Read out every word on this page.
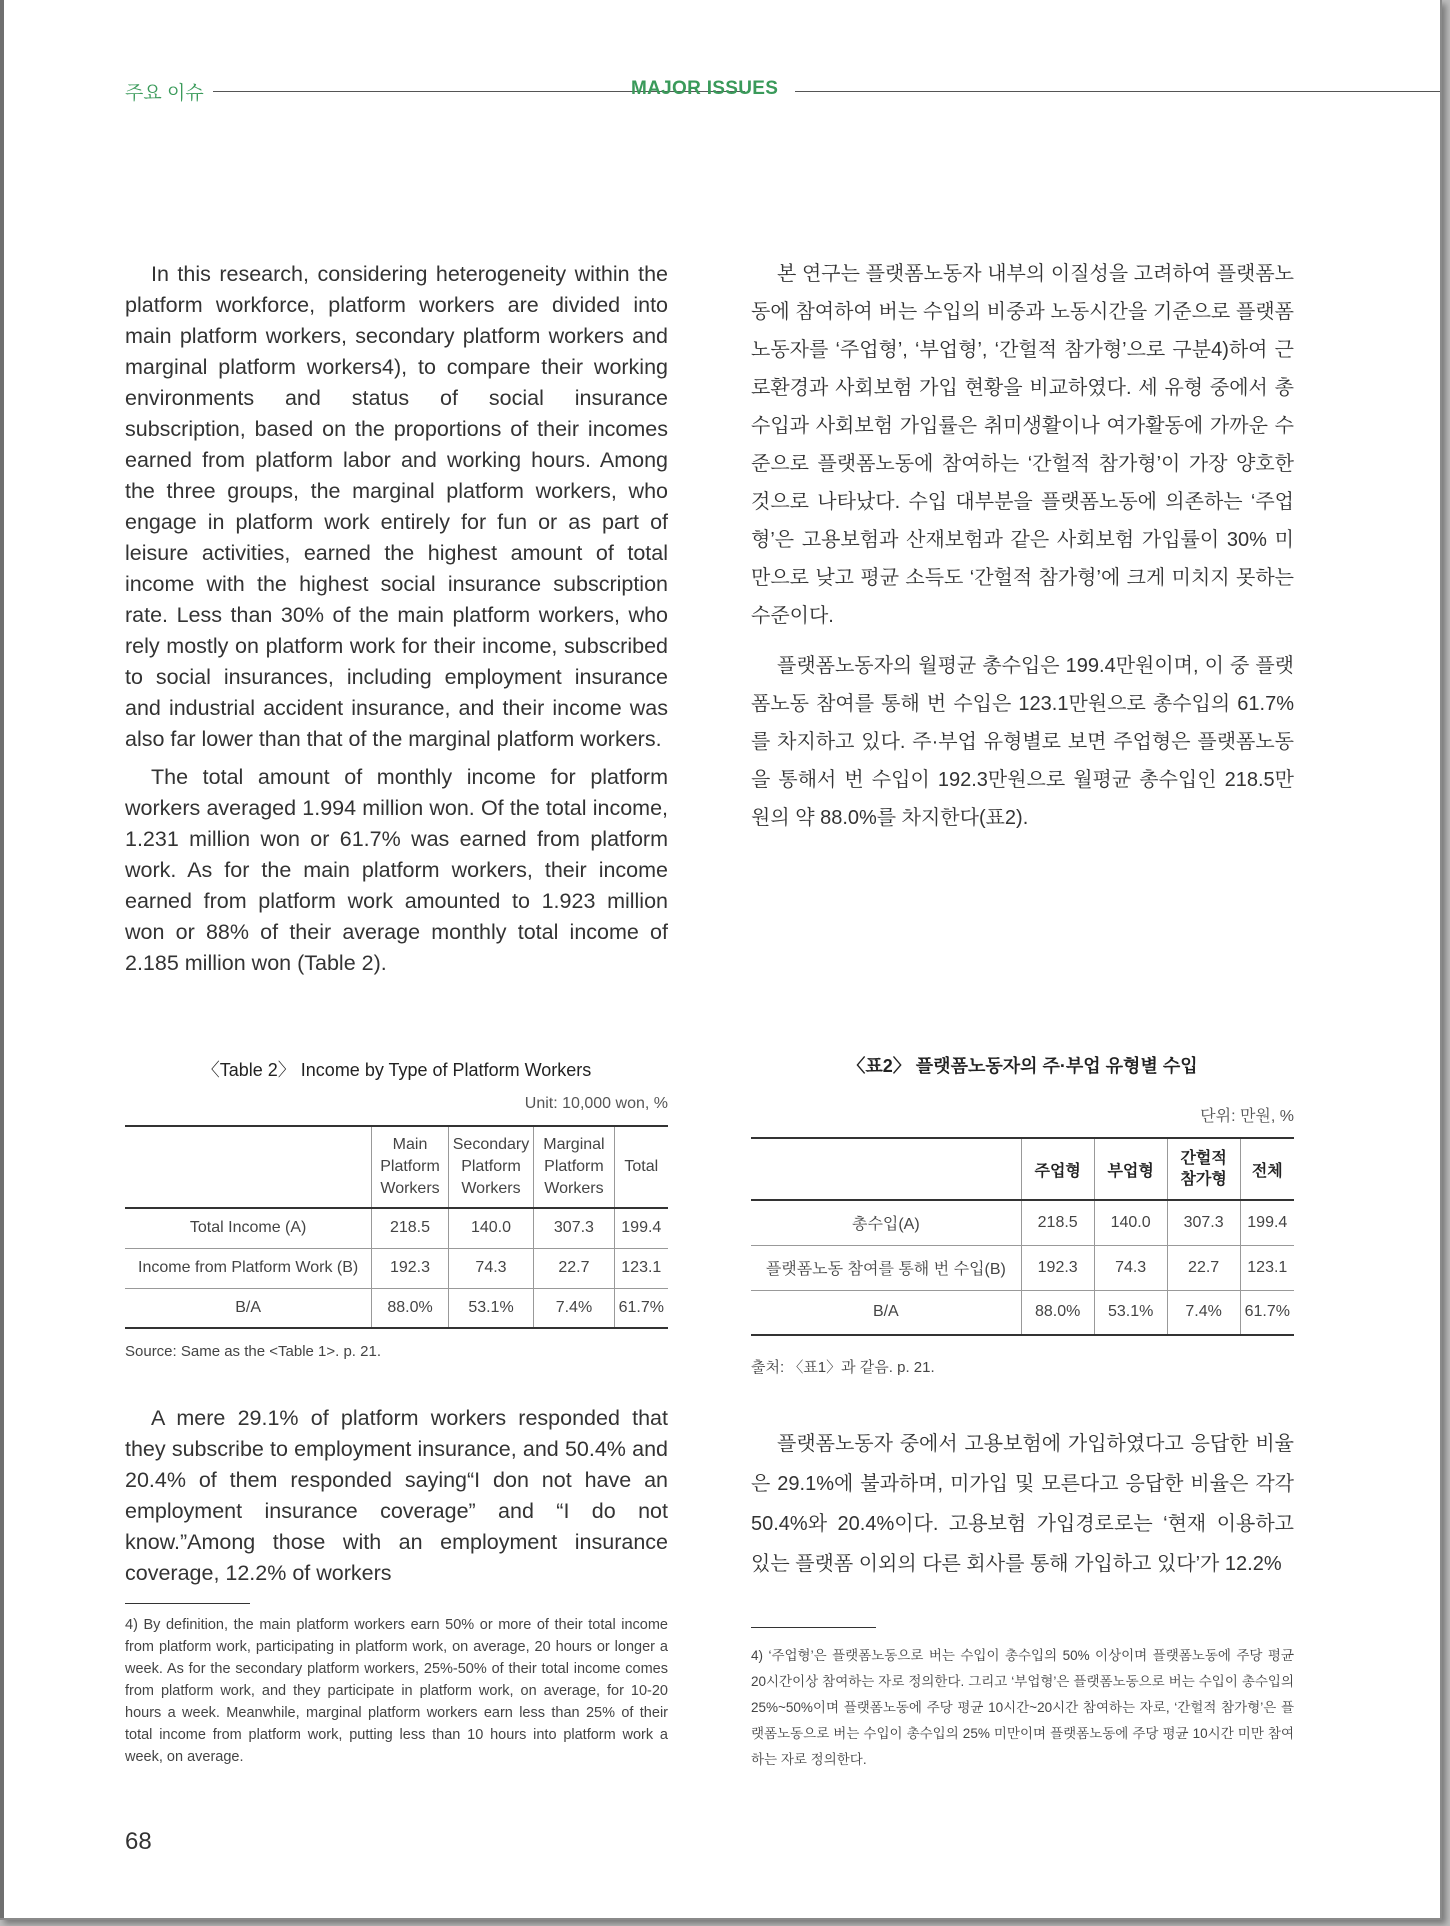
주요 이슈	MAJOR ISSUES

In this research, considering heterogeneity within the platform workforce, platform workers are divided into main platform workers, secondary platform workers and marginal platform workers4), to compare their working environments and status of social insurance subscription, based on the proportions of their incomes earned from platform labor and working hours. Among the three groups, the marginal platform workers, who engage in platform work entirely for fun or as part of leisure activities, earned the highest amount of total income with the highest social insurance subscription rate. Less than 30% of the main platform workers, who rely mostly on platform work for their income, subscribed to social insurances, including employment insurance and industrial accident insurance, and their income was also far lower than that of the marginal platform workers.

The total amount of monthly income for platform workers averaged 1.994 million won. Of the total income, 1.231 million won or 61.7% was earned from platform work. As for the main platform workers, their income earned from platform work amounted to 1.923 million won or 88% of their average monthly total income of 2.185 million won (Table 2).

본 연구는 플랫폼노동자 내부의 이질성을 고려하여 플랫폼노동에 참여하여 버는 수입의 비중과 노동시간을 기준으로 플랫폼노동자를 ‘주업형’, ‘부업형’, ‘간헐적 참가형’으로 구분4)하여 근로환경과 사회보험 가입 현황을 비교하였다. 세 유형 중에서 총수입과 사회보험 가입률은 취미생활이나 여가활동에 가까운 수준으로 플랫폼노동에 참여하는 ‘간헐적 참가형’이 가장 양호한 것으로 나타났다. 수입 대부분을 플랫폼노동에 의존하는 ‘주업형’은 고용보험과 산재보험과 같은 사회보험 가입률이 30% 미만으로 낮고 평균 소득도 ‘간헐적 참가형’에 크게 미치지 못하는 수준이다.

플랫폼노동자의 월평균 총수입은 199.4만원이며, 이 중 플랫폼노동 참여를 통해 번 수입은 123.1만원으로 총수입의 61.7%를 차지하고 있다. 주·부업 유형별로 보면 주업형은 플랫폼노동을 통해서 번 수입이 192.3만원으로 월평균 총수입인 218.5만원의 약 88.0%를 차지한다(표2).

〈Table 2〉 Income by Type of Platform Workers
Unit: 10,000 won, %
	Main Platform Workers	Secondary Platform Workers	Marginal Platform Workers	Total
Total Income (A)	218.5	140.0	307.3	199.4
Income from Platform Work (B)	192.3	74.3	22.7	123.1
B/A	88.0%	53.1%	7.4%	61.7%
Source: Same as the <Table 1>. p. 21.
〈표2〉 플랫폼노동자의 주·부업 유형별 수입
단위: 만원, %
	주업형	부업형	간헐적 참가형	전체
총수입(A)	218.5	140.0	307.3	199.4
플랫폼노동 참여를 통해 번 수입(B)	192.3	74.3	22.7	123.1
B/A	88.0%	53.1%	7.4%	61.7%
출처: 〈표1〉과 같음. p. 21.

A mere 29.1% of platform workers responded that they subscribe to employment insurance, and 50.4% and 20.4% of them responded saying“I don not have an employment insurance coverage” and “I do not know.”Among those with an employment insurance coverage, 12.2% of workers

플랫폼노동자 중에서 고용보험에 가입하였다고 응답한 비율은 29.1%에 불과하며, 미가입 및 모른다고 응답한 비율은 각각 50.4%와 20.4%이다. 고용보험 가입경로로는 ‘현재 이용하고 있는 플랫폼 이외의 다른 회사를 통해 가입하고 있다’가 12.2%

4) By definition, the main platform workers earn 50% or more of their total income from platform work, participating in platform work, on average, 20 hours or longer a week. As for the secondary platform workers, 25%-50% of their total income comes from platform work, and they participate in platform work, on average, for 10-20 hours a week. Meanwhile, marginal platform workers earn less than 25% of their total income from platform work, putting less than 10 hours into platform work a week, on average.
4) ‘주업형’은 플랫폼노동으로 버는 수입이 총수입의 50% 이상이며 플랫폼노동에 주당 평균 20시간이상 참여하는 자로 정의한다. 그리고 ‘부업형’은 플랫폼노동으로 버는 수입이 총수입의 25%~50%이며 플랫폼노동에 주당 평균 10시간~20시간 참여하는 자로, ‘간헐적 참가형’은 플랫폼노동으로 버는 수입이 총수입의 25% 미만이며 플랫폼노동에 주당 평균 10시간 미만 참여하는 자로 정의한다.
68
